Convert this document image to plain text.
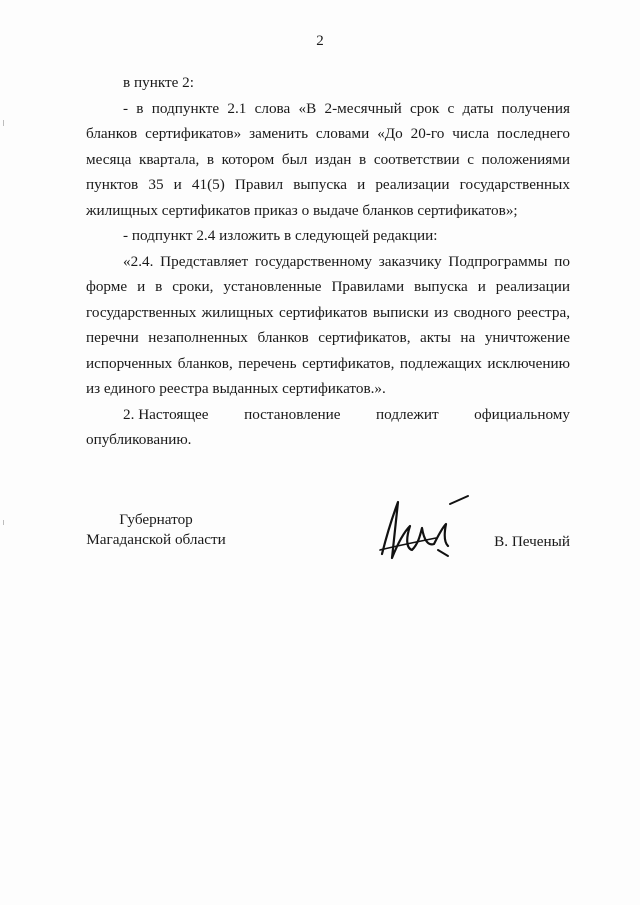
2

в пункте 2:

- в подпункте 2.1 слова «В 2-месячный срок с даты получения бланков сертификатов» заменить словами «До 20-го числа последнего месяца квартала, в котором был издан в соответствии с положениями пунктов 35 и 41(5) Правил выпуска и реализации государственных жилищных сертификатов приказ о выдаче бланков сертификатов»;

- подпункт 2.4 изложить в следующей редакции:

«2.4. Представляет государственному заказчику Подпрограммы по форме и в сроки, установленные Правилами выпуска и реализации государственных жилищных сертификатов выписки из сводного реестра, перечни незаполненных бланков сертификатов, акты на уничтожение испорченных бланков, перечень сертификатов, подлежащих исключению из единого реестра выданных сертификатов.».

2. Настоящее постановление подлежит официальному

опубликованию.

Губернатор
Магаданской области	В. Печеный
